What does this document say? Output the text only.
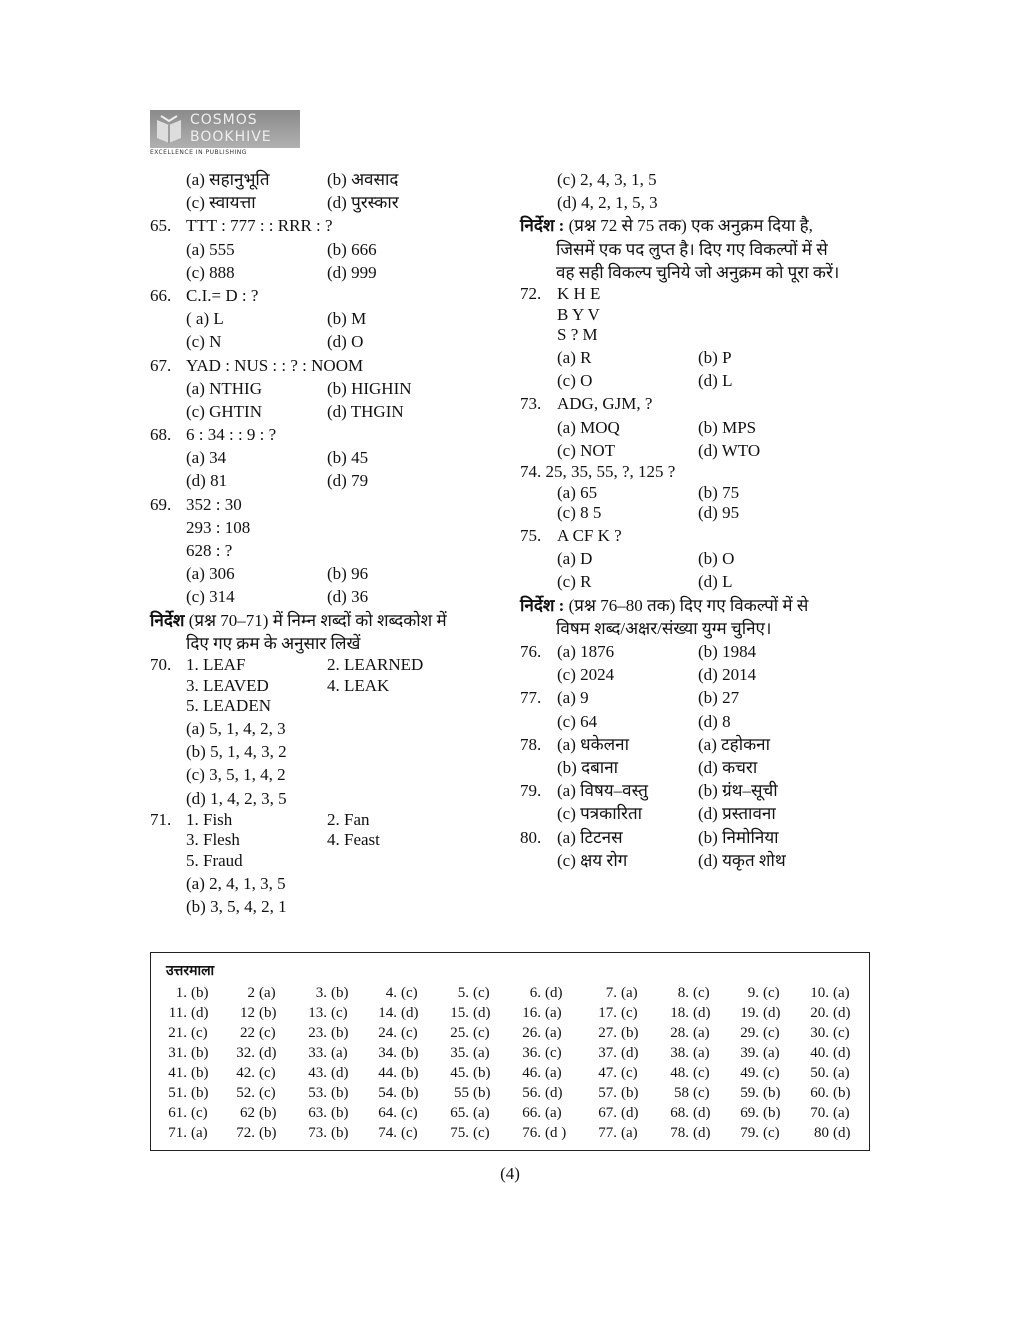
COSMOS
BOOKHIVE
EXCELLENCE IN PUBLISHING
(a) सहानुभूति	(b) अवसाद
(c) स्वायत्ता	(d) पुरस्कार
65. TTT : 777 : : RRR : ?
(a) 555	(b) 666
(c) 888	(d) 999
66. C.I.= D : ?
( a) L	(b) M
(c) N	(d) O
67. YAD : NUS : : ? : NOOM
(a) NTHIG	(b) HIGHIN
(c) GHTIN	(d) THGIN
68. 6 : 34 : : 9 : ?
(a) 34	(b) 45
(d) 81	(d) 79
69. 352 : 30
293 : 108
628 : ?
(a) 306	(b) 96
(c) 314	(d) 36
निर्देश (प्रश्न 70–71) में निम्न शब्दों को शब्दकोश में
दिए गए क्रम के अनुसार लिखें
70. 1. LEAF	2. LEARNED
3. LEAVED	4. LEAK
5. LEADEN
(a) 5, 1, 4, 2, 3
(b) 5, 1, 4, 3, 2
(c) 3, 5, 1, 4, 2
(d) 1, 4, 2, 3, 5
71. 1. Fish	2. Fan
3. Flesh	4. Feast
5. Fraud
(a) 2, 4, 1, 3, 5
(b) 3, 5, 4, 2, 1
(c) 2, 4, 3, 1, 5
(d) 4, 2, 1, 5, 3
निर्देश : (प्रश्न 72 से 75 तक) एक अनुक्रम दिया है,
जिसमें एक पद लुप्त है। दिए गए विकल्पों में से
वह सही विकल्प चुनिये जो अनुक्रम को पूरा करें।
72. K H E
B Y V
S ? M
(a) R	(b) P
(c) O	(d) L
73. ADG, GJM, ?
(a) MOQ	(b) MPS
(c) NOT	(d) WTO
74. 25, 35, 55, ?, 125 ?
(a) 65	(b) 75
(c) 8 5	(d) 95
75. A CF K ?
(a) D	(b) O
(c) R	(d) L
निर्देश : (प्रश्न 76–80 तक) दिए गए विकल्पों में से
विषम शब्द/अक्षर/संख्या युग्म चुनिए।
76. (a) 1876	(b) 1984
(c) 2024	(d) 2014
77. (a) 9	(b) 27
(c) 64	(d) 8
78. (a) धकेलना	(a) टहोकना
(b) दबाना	(d) कचरा
79. (a) विषय–वस्तु	(b) ग्रंथ–सूची
(c) पत्रकारिता	(d) प्रस्तावना
80. (a) टिटनस	(b) निमोनिया
(c) क्षय रोग	(d) यकृत शोथ
उत्तरमाला
1. (b)	2 (a)	3. (b)	4. (c)	5. (c)	6. (d)	7. (a)	8. (c)	9. (c)	10. (a)
11. (d)	12 (b)	13. (c)	14. (d)	15. (d)	16. (a)	17. (c)	18. (d)	19. (d)	20. (d)
21. (c)	22 (c)	23. (b)	24. (c)	25. (c)	26. (a)	27. (b)	28. (a)	29. (c)	30. (c)
31. (b)	32. (d)	33. (a)	34. (b)	35. (a)	36. (c)	37. (d)	38. (a)	39. (a)	40. (d)
41. (b)	42. (c)	43. (d)	44. (b)	45. (b)	46. (a)	47. (c)	48. (c)	49. (c)	50. (a)
51. (b)	52. (c)	53. (b)	54. (b)	55 (b)	56. (d)	57. (b)	58 (c)	59. (b)	60. (b)
61. (c)	62 (b)	63. (b)	64. (c)	65. (a)	66. (a)	67. (d)	68. (d)	69. (b)	70. (a)
71. (a)	72. (b)	73. (b)	74. (c)	75. (c)	76. (d )	77. (a)	78. (d)	79. (c)	80 (d)
(4)
